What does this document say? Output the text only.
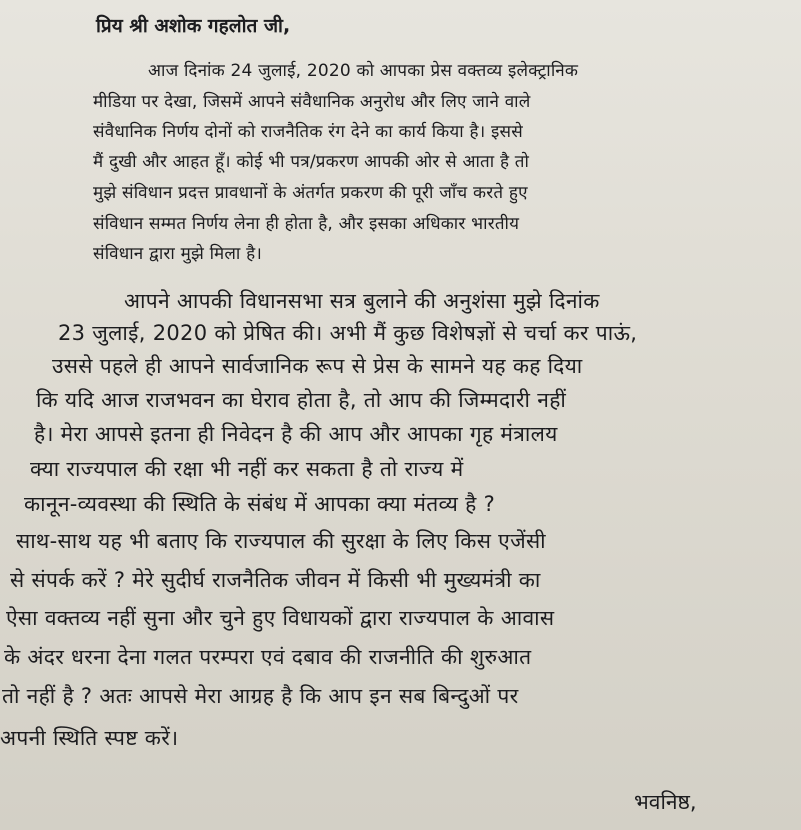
प्रिय श्री अशोक गहलोत जी,
आज दिनांक 24 जुलाई, 2020 को आपका प्रेस वक्तव्य इलेक्ट्रानिक
मीडिया पर देखा, जिसमें आपने संवैधानिक अनुरोध और लिए जाने वाले
संवैधानिक निर्णय दोनों को राजनैतिक रंग देने का कार्य किया है। इससे
मैं दुखी और आहत हूँ। कोई भी पत्र/प्रकरण आपकी ओर से आता है तो
मुझे संविधान प्रदत्त प्रावधानों के अंतर्गत प्रकरण की पूरी जाँच करते हुए
संविधान सम्मत निर्णय लेना ही होता है, और इसका अधिकार भारतीय
संविधान द्वारा मुझे मिला है।
आपने आपकी विधानसभा सत्र बुलाने की अनुशंसा मुझे दिनांक
23 जुलाई, 2020 को प्रेषित की। अभी मैं कुछ विशेषज्ञों से चर्चा कर पाऊं,
उससे पहले ही आपने सार्वजानिक रूप से प्रेस के सामने यह कह दिया
कि यदि आज राजभवन का घेराव होता है, तो आप की जिम्मदारी नहीं
है। मेरा आपसे इतना ही निवेदन है की आप और आपका गृह मंत्रालय
क्या राज्यपाल की रक्षा भी नहीं कर सकता है तो राज्य में
कानून-व्यवस्था की स्थिति के संबंध में आपका क्या मंतव्य है ?
साथ-साथ यह भी बताए कि राज्यपाल की सुरक्षा के लिए किस एजेंसी
से संपर्क करें ? मेरे सुदीर्घ राजनैतिक जीवन में किसी भी मुख्यमंत्री का
ऐसा वक्तव्य नहीं सुना और चुने हुए विधायकों द्वारा राज्यपाल के आवास
के अंदर धरना देना गलत परम्परा एवं दबाव की राजनीति की शुरुआत
तो नहीं है ? अतः आपसे मेरा आग्रह है कि आप इन सब बिन्दुओं पर
अपनी स्थिति स्पष्ट करें।
भवनिष्ठ,
